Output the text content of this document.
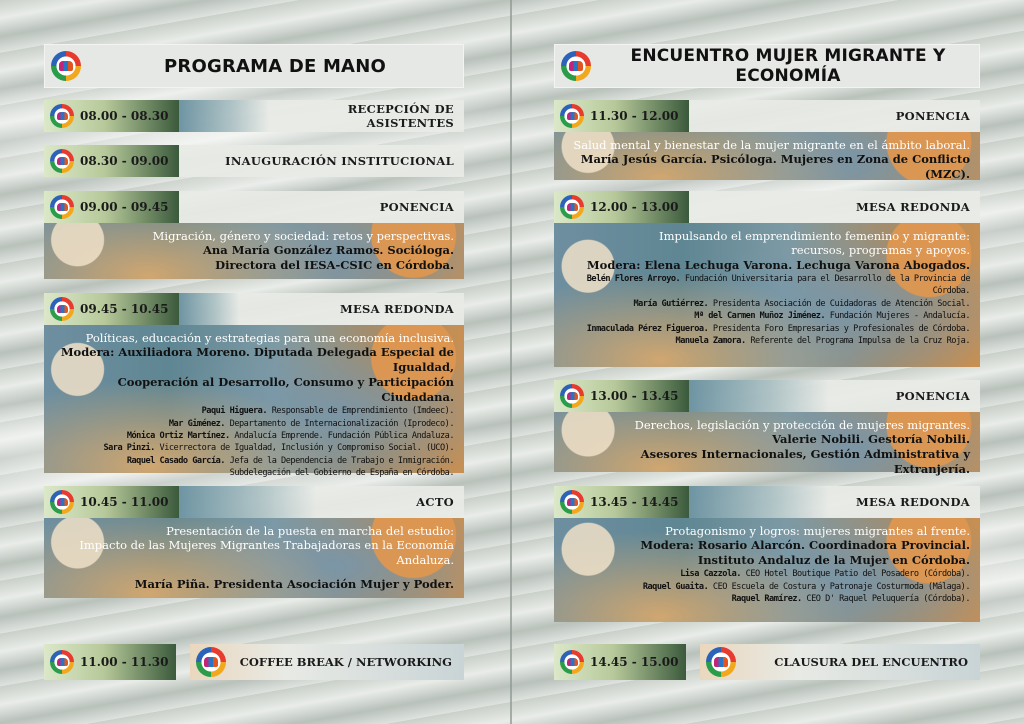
PROGRAMA DE MANO
08.00 - 08.30	RECEPCIÓN DE ASISTENTES
08.30 - 09.00	INAUGURACIÓN INSTITUCIONAL
09.00 - 09.45	PONENCIA
Migración, género y sociedad: retos y perspectivas.
Ana María González Ramos. Socióloga.
Directora del IESA-CSIC en Córdoba.
09.45 - 10.45	MESA REDONDA
Políticas, educación y estrategias para una economía inclusiva.
Modera: Auxiliadora Moreno. Diputada Delegada Especial de Igualdad,
Cooperación al Desarrollo, Consumo y Participación Ciudadana.
Paqui Higuera. Responsable de Emprendimiento (Imdeec).
Mar Giménez. Departamento de Internacionalización (Iprodeco).
Mónica Ortiz Martínez. Andalucía Emprende. Fundación Pública Andaluza.
Sara Pinzi. Vicerrectora de Igualdad, Inclusión y Compromiso Social. (UCO).
Raquel Casado García. Jefa de la Dependencia de Trabajo e Inmigración.
Subdelegación del Gobierno de España en Córdoba.
10.45 - 11.00	ACTO
Presentación de la puesta en marcha del estudio:
Impacto de las Mujeres Migrantes Trabajadoras en la Economía Andaluza.
María Piña. Presidenta Asociación Mujer y Poder.
11.00 - 11.30	COFFEE BREAK / NETWORKING
ENCUENTRO MUJER MIGRANTE Y ECONOMÍA
11.30 - 12.00	PONENCIA
Salud mental y bienestar de la mujer migrante en el ámbito laboral.
María Jesús García. Psicóloga. Mujeres en Zona de Conflicto (MZC).
12.00 - 13.00	MESA REDONDA
Impulsando el emprendimiento femenino y migrante:
recursos, programas y apoyos.
Modera: Elena Lechuga Varona. Lechuga Varona Abogados.
Belén Flores Arroyo. Fundación Universitaria para el Desarrollo de la Provincia de Córdoba.
María Gutiérrez. Presidenta Asociación de Cuidadoras de Atención Social.
Mª del Carmen Muñoz Jiménez. Fundación Mujeres - Andalucía.
Inmaculada Pérez Figueroa. Presidenta Foro Empresarias y Profesionales de Córdoba.
Manuela Zamora. Referente del Programa Impulsa de la Cruz Roja.
13.00 - 13.45	PONENCIA
Derechos, legislación y protección de mujeres migrantes.
Valerie Nobili. Gestoría Nobili.
Asesores Internacionales, Gestión Administrativa y Extranjería.
13.45 - 14.45	MESA REDONDA
Protagonismo y logros: mujeres migrantes al frente.
Modera: Rosario Alarcón. Coordinadora Provincial.
Instituto Andaluz de la Mujer en Córdoba.
Lisa Cazzola. CEO Hotel Boutique Patio del Posadero (Córdoba).
Raquel Guaita. CEO Escuela de Costura y Patronaje Costurmoda (Málaga).
Raquel Ramírez. CEO D' Raquel Peluquería (Córdoba).
14.45 - 15.00	CLAUSURA DEL ENCUENTRO
